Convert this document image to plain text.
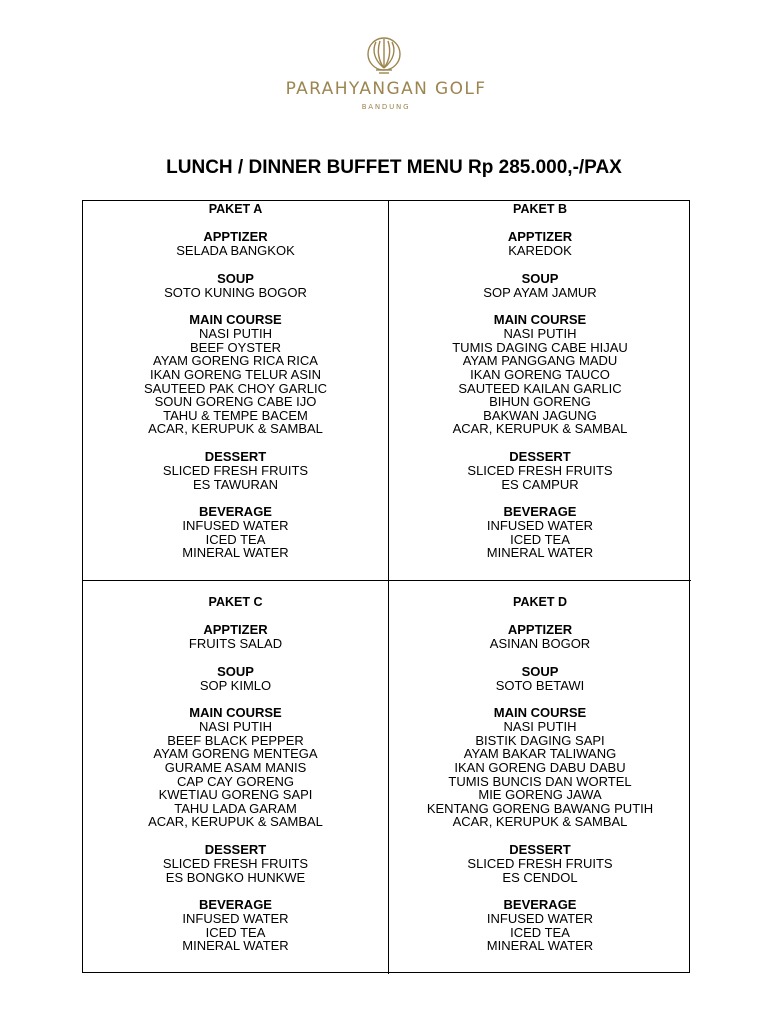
PARAHYANGAN GOLF
BANDUNG
LUNCH / DINNER BUFFET MENU Rp 285.000,-/PAX
PAKET A
APPTIZER
SELADA BANGKOK
SOUP
SOTO KUNING BOGOR
MAIN COURSE
NASI PUTIH
BEEF OYSTER
AYAM GORENG RICA RICA
IKAN GORENG TELUR ASIN
SAUTEED PAK CHOY GARLIC
SOUN GORENG CABE IJO
TAHU & TEMPE BACEM
ACAR, KERUPUK & SAMBAL
DESSERT
SLICED FRESH FRUITS
ES TAWURAN
BEVERAGE
INFUSED WATER
ICED TEA
MINERAL WATER
PAKET B
APPTIZER
KAREDOK
SOUP
SOP AYAM JAMUR
MAIN COURSE
NASI PUTIH
TUMIS DAGING CABE HIJAU
AYAM PANGGANG MADU
IKAN GORENG TAUCO
SAUTEED KAILAN GARLIC
BIHUN GORENG
BAKWAN JAGUNG
ACAR, KERUPUK & SAMBAL
DESSERT
SLICED FRESH FRUITS
ES CAMPUR
BEVERAGE
INFUSED WATER
ICED TEA
MINERAL WATER
PAKET C
APPTIZER
FRUITS SALAD
SOUP
SOP KIMLO
MAIN COURSE
NASI PUTIH
BEEF BLACK PEPPER
AYAM GORENG MENTEGA
GURAME ASAM MANIS
CAP CAY GORENG
KWETIAU GORENG SAPI
TAHU LADA GARAM
ACAR, KERUPUK & SAMBAL
DESSERT
SLICED FRESH FRUITS
ES BONGKO HUNKWE
BEVERAGE
INFUSED WATER
ICED TEA
MINERAL WATER
PAKET D
APPTIZER
ASINAN BOGOR
SOUP
SOTO BETAWI
MAIN COURSE
NASI PUTIH
BISTIK DAGING SAPI
AYAM BAKAR TALIWANG
IKAN GORENG DABU DABU
TUMIS BUNCIS DAN WORTEL
MIE GORENG JAWA
KENTANG GORENG BAWANG PUTIH
ACAR, KERUPUK & SAMBAL
DESSERT
SLICED FRESH FRUITS
ES CENDOL
BEVERAGE
INFUSED WATER
ICED TEA
MINERAL WATER
